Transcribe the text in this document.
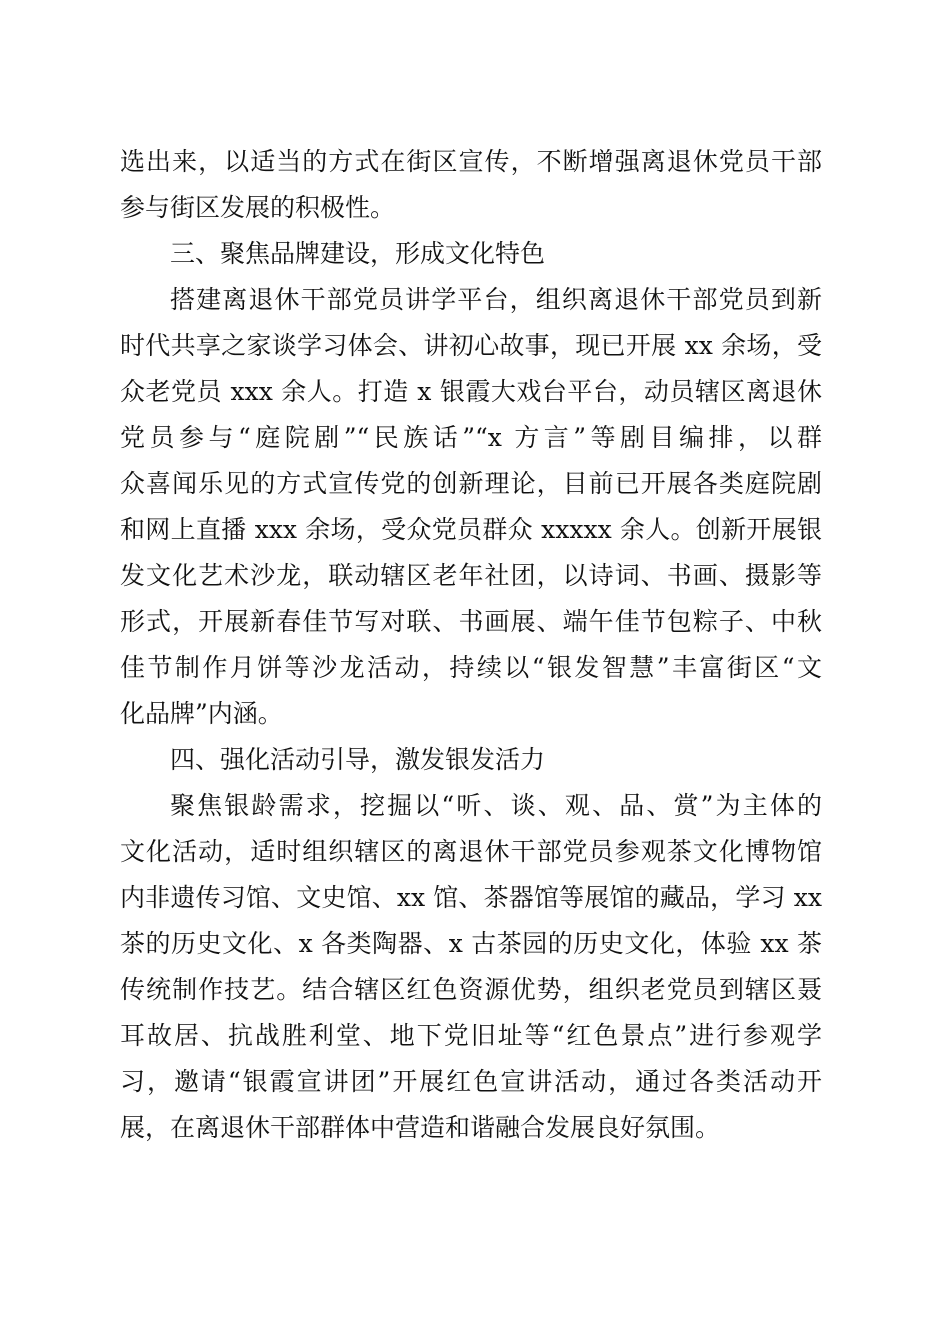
选出来，以适当的方式在街区宣传，不断增强离退休党员干部
参与街区发展的积极性。
三、聚焦品牌建设，形成文化特色
搭建离退休干部党员讲学平台，组织离退休干部党员到新
时代共享之家谈学习体会、讲初心故事，现已开展 xx 余场，受
众老党员 xxx 余人。打造 x 银霞大戏台平台，动员辖区离退休
党员参与“庭院剧”“民族话”“x 方言”等剧目编排，以群
众喜闻乐见的方式宣传党的创新理论，目前已开展各类庭院剧
和网上直播 xxx 余场，受众党员群众 xxxxx 余人。创新开展银
发文化艺术沙龙，联动辖区老年社团，以诗词、书画、摄影等
形式，开展新春佳节写对联、书画展、端午佳节包粽子、中秋
佳节制作月饼等沙龙活动，持续以“银发智慧”丰富街区“文
化品牌”内涵。
四、强化活动引导，激发银发活力
聚焦银龄需求，挖掘以“听、谈、观、品、赏”为主体的
文化活动，适时组织辖区的离退休干部党员参观茶文化博物馆
内非遗传习馆、文史馆、xx 馆、茶器馆等展馆的藏品，学习 xx
茶的历史文化、x 各类陶器、x 古茶园的历史文化，体验 xx 茶
传统制作技艺。结合辖区红色资源优势，组织老党员到辖区聂
耳故居、抗战胜利堂、地下党旧址等“红色景点”进行参观学
习，邀请“银霞宣讲团”开展红色宣讲活动，通过各类活动开
展，在离退休干部群体中营造和谐融合发展良好氛围。
